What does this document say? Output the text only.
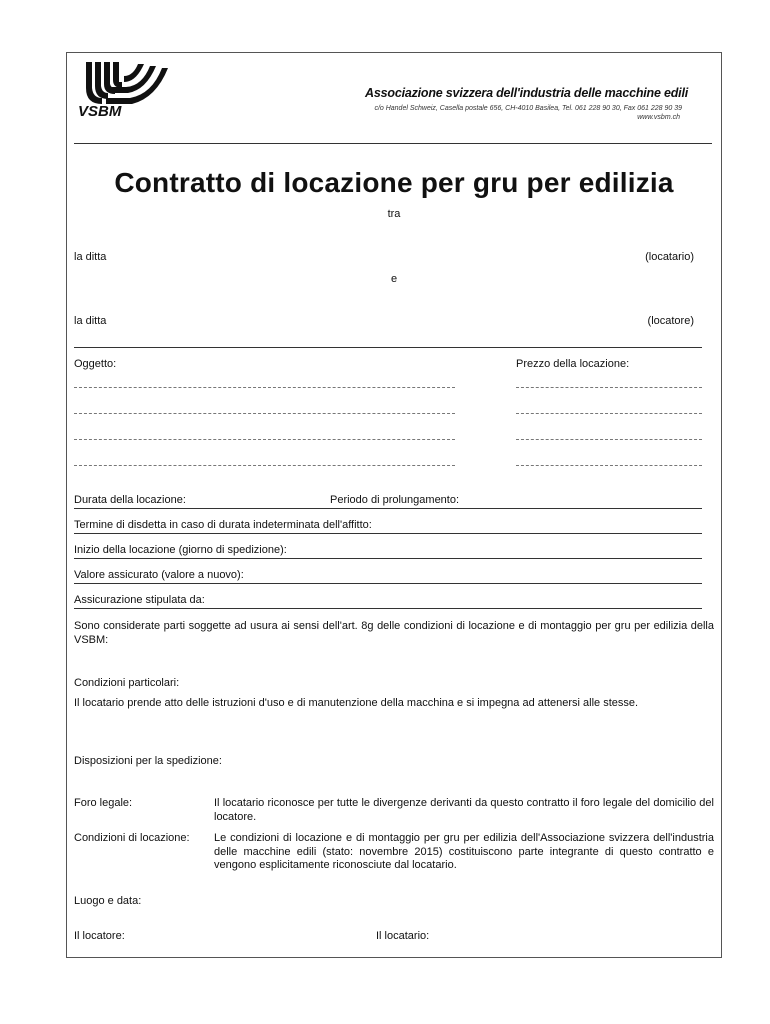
VSBM
Associazione svizzera dell'industria delle macchine edili
c/o Handel Schweiz, Casella postale 656, CH-4010 Basilea, Tel. 061 228 90 30, Fax 061 228 90 39
www.vsbm.ch
Contratto di locazione per gru per edilizia
tra
la ditta	(locatario)
e
la ditta	(locatore)
Oggetto:	Prezzo della locazione:
Durata della locazione:	Periodo di prolungamento:
Termine di disdetta in caso di durata indeterminata dell'affitto:
Inizio della locazione (giorno di spedizione):
Valore assicurato (valore a nuovo):
Assicurazione stipulata da:

Sono considerate parti soggette ad usura ai sensi dell'art. 8g delle condizioni di locazione e di montaggio per gru per edilizia della VSBM:

Condizioni particolari:

Il locatario prende atto delle istruzioni d'uso e di manutenzione della macchina e si impegna ad attenersi alle stesse.

Disposizioni per la spedizione:
Foro legale:	Il locatario riconosce per tutte le divergenze derivanti da questo contratto il foro legale del domicilio del locatore.

Condizioni di locazione: Le condizioni di locazione e di montaggio per gru per edilizia dell'Associazione svizzera dell'industria delle macchine edili (stato: novembre 2015) costituiscono parte integrante di questo contratto e vengono esplicitamente riconosciute dal locatario.

Luogo e data:
Il locatore:	Il locatario:
